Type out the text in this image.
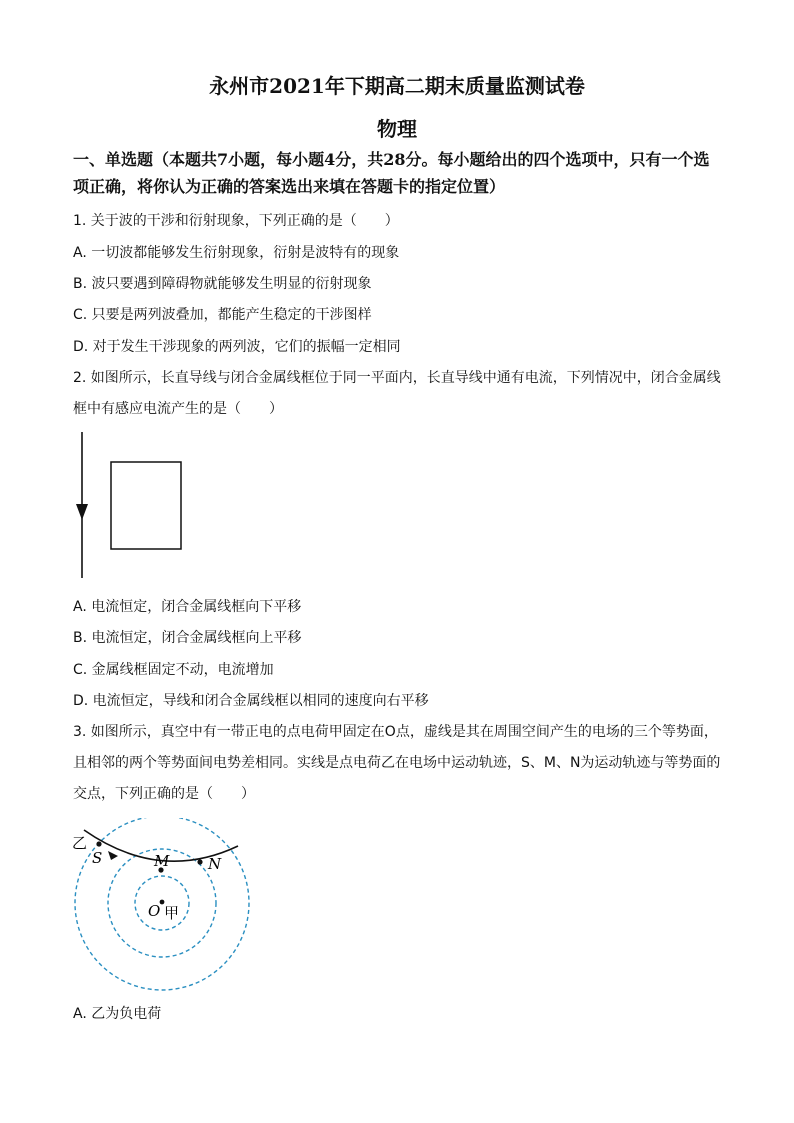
永州市2021年下期高二期末质量监测试卷
物理
一、单选题（本题共7小题，每小题4分，共28分。每小题给出的四个选项中，只有一个选
项正确，将你认为正确的答案选出来填在答题卡的指定位置）
1. 关于波的干涉和衍射现象，下列正确的是（　　）
A. 一切波都能够发生衍射现象，衍射是波特有的现象
B. 波只要遇到障碍物就能够发生明显的衍射现象
C. 只要是两列波叠加，都能产生稳定的干涉图样
D. 对于发生干涉现象的两列波，它们的振幅一定相同
2. 如图所示，长直导线与闭合金属线框位于同一平面内，长直导线中通有电流，下列情况中，闭合金属线
框中有感应电流产生的是（　　）
A. 电流恒定，闭合金属线框向下平移
B. 电流恒定，闭合金属线框向上平移
C. 金属线框固定不动，电流增加
D. 电流恒定，导线和闭合金属线框以相同的速度向右平移
3. 如图所示，真空中有一带正电的点电荷甲固定在O点，虚线是其在周围空间产生的电场的三个等势面，
且相邻的两个等势面间电势差相同。实线是点电荷乙在电场中运动轨迹，S、M、N为运动轨迹与等势面的
交点，下列正确的是（　　）
乙
S	M	N
O 甲
A. 乙为负电荷
